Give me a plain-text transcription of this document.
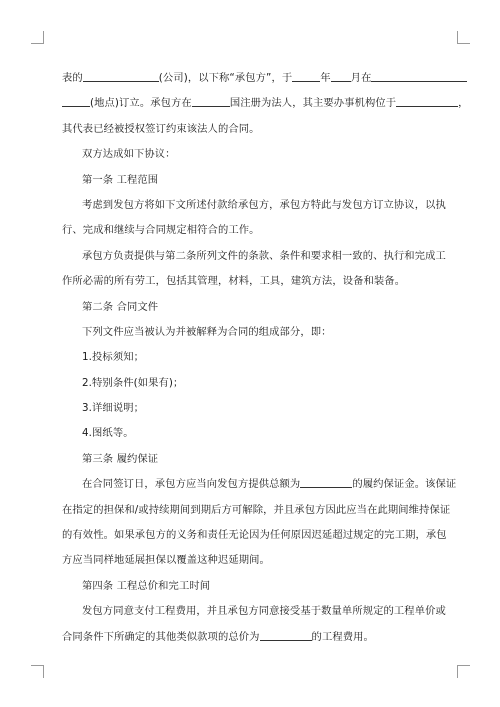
表的	(公司)，以下称“承包方”，于	年 月在
(地点)订立。承包方在	国注册为法人，其主要办事机构位于	，
其代表已经被授权签订约束该法人的合同。
双方达成如下协议：
第一条 工程范围
考虑到发包方将如下文所述付款给承包方，承包方特此与发包方订立协议，以执
行、完成和继续与合同规定相符合的工作。
承包方负责提供与第二条所列文件的条款、条件和要求相一致的、执行和完成工
作所必需的所有劳工，包括其管理，材料，工具，建筑方法，设备和装备。
第二条 合同文件
下列文件应当被认为并被解释为合同的组成部分，即：
1.投标须知；
2.特别条件(如果有)；
3.详细说明；
4.图纸等。
第三条 履约保证
在合同签订日，承包方应当向发包方提供总额为	的履约保证金。该保证
在指定的担保和/或持续期间到期后方可解除，并且承包方因此应当在此期间维持保证
的有效性。如果承包方的义务和责任无论因为任何原因迟延超过规定的完工期，承包
方应当同样地延展担保以覆盖这种迟延期间。
第四条 工程总价和完工时间
发包方同意支付工程费用，并且承包方同意接受基于数量单所规定的工程单价或
合同条件下所确定的其他类似款项的总价为	的工程费用。
